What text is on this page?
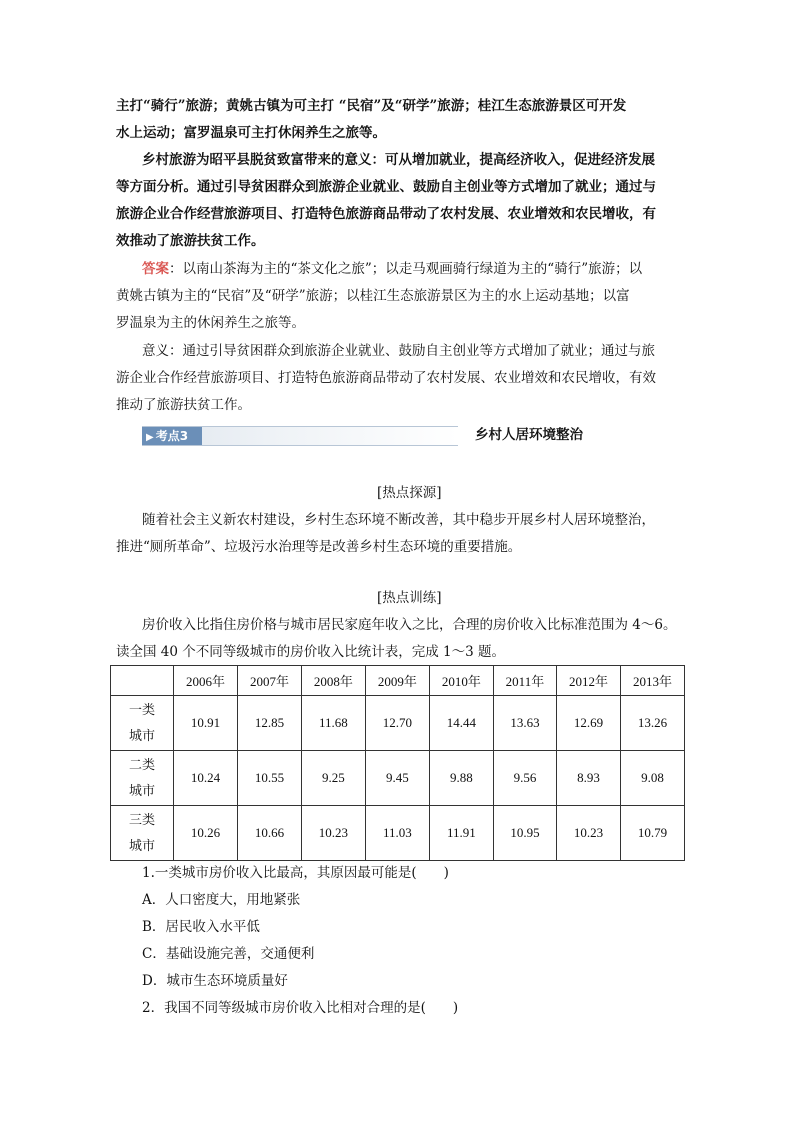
主打“骑行”旅游；黄姚古镇为可主打 “民宿”及“研学”旅游；桂江生态旅游景区可开发
水上运动；富罗温泉可主打休闲养生之旅等。
乡村旅游为昭平县脱贫致富带来的意义：可从增加就业，提高经济收入，促进经济发展
等方面分析。通过引导贫困群众到旅游企业就业、鼓励自主创业等方式增加了就业；通过与
旅游企业合作经营旅游项目、打造特色旅游商品带动了农村发展、农业增效和农民增收，有
效推动了旅游扶贫工作。
答案：以南山茶海为主的“茶文化之旅”；以走马观画骑行绿道为主的“骑行”旅游；以
黄姚古镇为主的“民宿”及“研学”旅游；以桂江生态旅游景区为主的水上运动基地；以富
罗温泉为主的休闲养生之旅等。
意义：通过引导贫困群众到旅游企业就业、鼓励自主创业等方式增加了就业；通过与旅
游企业合作经营旅游项目、打造特色旅游商品带动了农村发展、农业增效和农民增收，有效
推动了旅游扶贫工作。
▶ 考点3	乡村人居环境整治
[热点探源]
随着社会主义新农村建设，乡村生态环境不断改善，其中稳步开展乡村人居环境整治，
推进“厕所革命”、垃圾污水治理等是改善乡村生态环境的重要措施。
[热点训练]
房价收入比指住房价格与城市居民家庭年收入之比，合理的房价收入比标准范围为 4～6。
读全国 40 个不同等级城市的房价收入比统计表，完成 1～3 题。
	2006年	2007年	2008年	2009年	2010年	2011年	2012年	2013年
一类
城市	10.91	12.85	11.68	12.70	14.44	13.63	12.69	13.26
二类
城市	10.24	10.55	9.25	9.45	9.88	9.56	8.93	9.08
三类
城市	10.26	10.66	10.23	11.03	11.91	10.95	10.23	10.79
1.一类城市房价收入比最高，其原因最可能是(　　)
A．人口密度大，用地紧张
B．居民收入水平低
C．基础设施完善，交通便利
D．城市生态环境质量好
2．我国不同等级城市房价收入比相对合理的是(　　)
